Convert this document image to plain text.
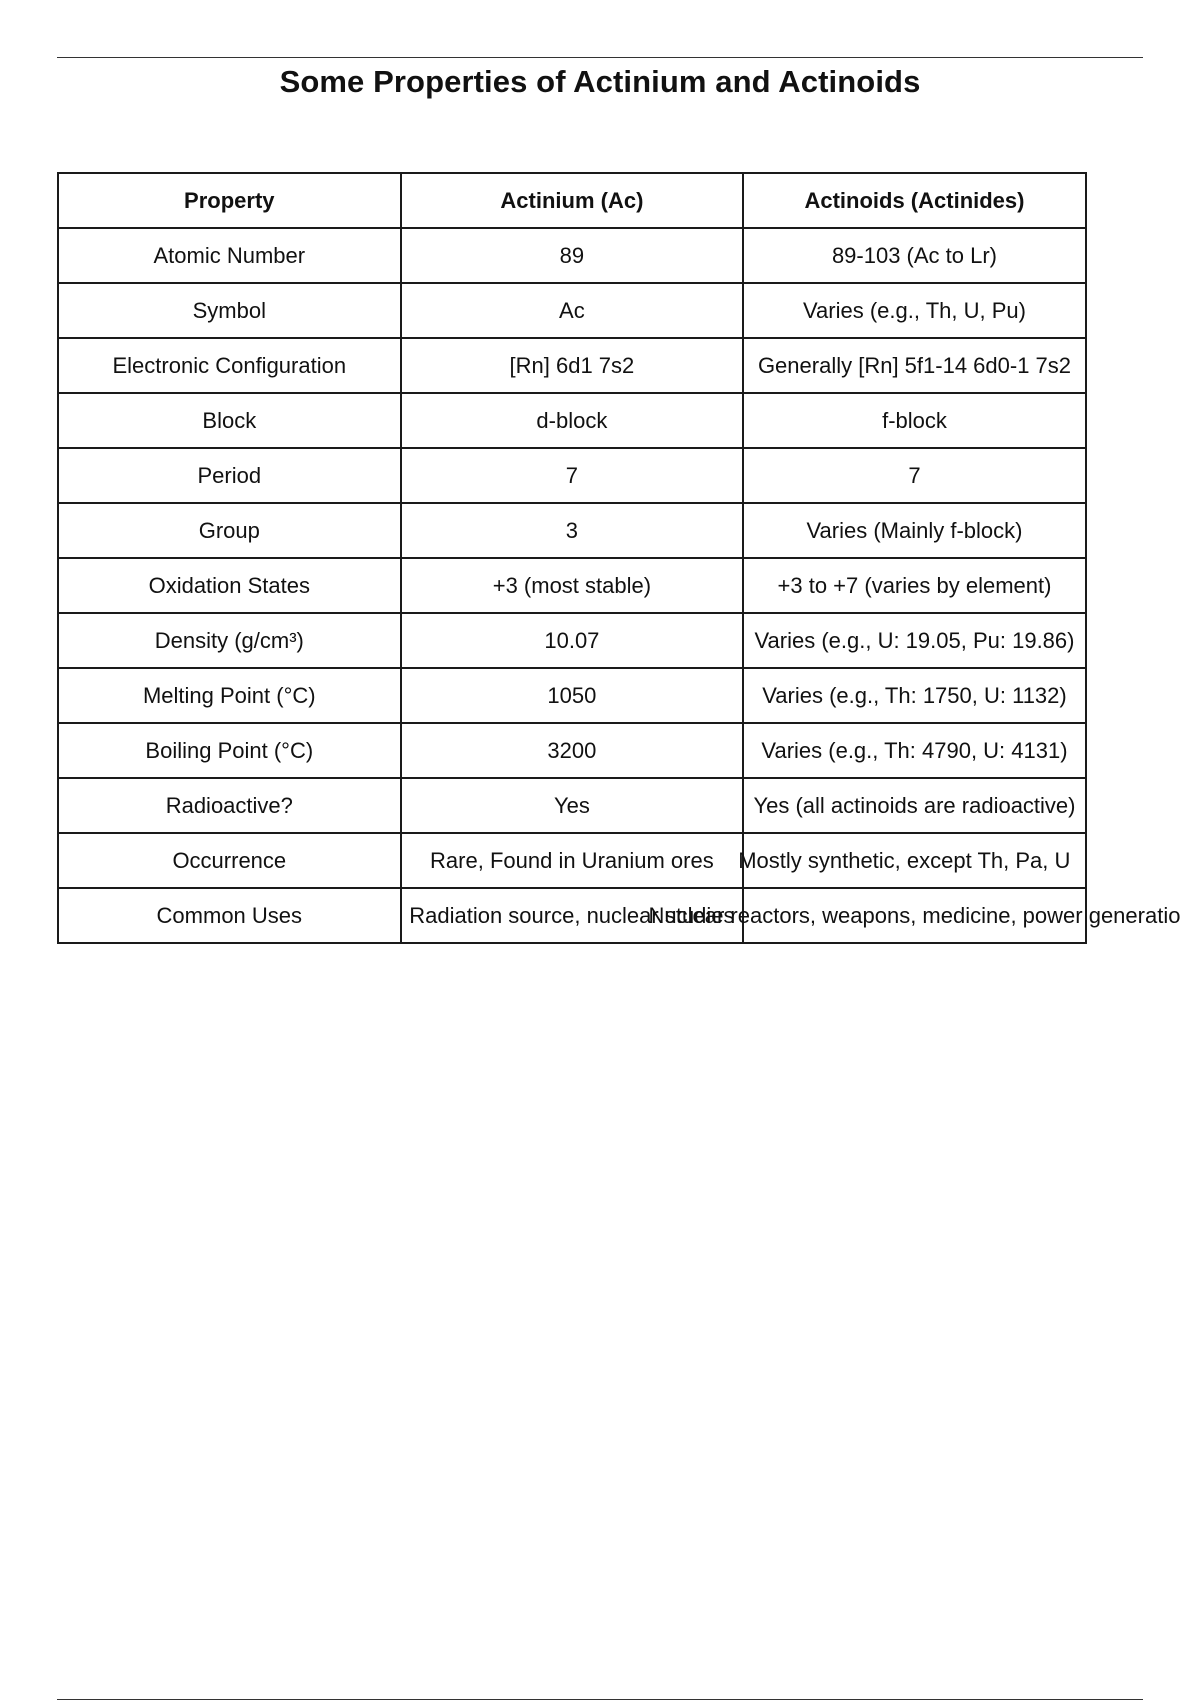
Some Properties of Actinium and Actinoids
Property	Actinium (Ac)	Actinoids (Actinides)
Atomic Number	89	89-103 (Ac to Lr)
Symbol	Ac	Varies (e.g., Th, U, Pu)
Electronic Configuration	[Rn] 6d1 7s2	Generally [Rn] 5f1-14 6d0-1 7s2

Block	d-block	f-block
Period	7	7
Group	3	Varies (Mainly f-block)
Oxidation States	+3 (most stable)	+3 to +7 (varies by element)
Density (g/cm³)	10.07	Varies (e.g., U: 19.05, Pu: 19.86)

Melting Point (°C)	1050	Varies (e.g., Th: 1750, U: 1132)

Boiling Point (°C)	3200	Varies (e.g., Th: 4790, U: 4131)

Radioactive?	Yes	Yes (all actinoids are radioactive)

Occurrence	Rare, Found in Uranium ores	Mostly synthetic, except Th, Pa, U

Common Uses	Radiation source, nuclear studies	Nuclear reactors, weapons, medicine, power generatio
